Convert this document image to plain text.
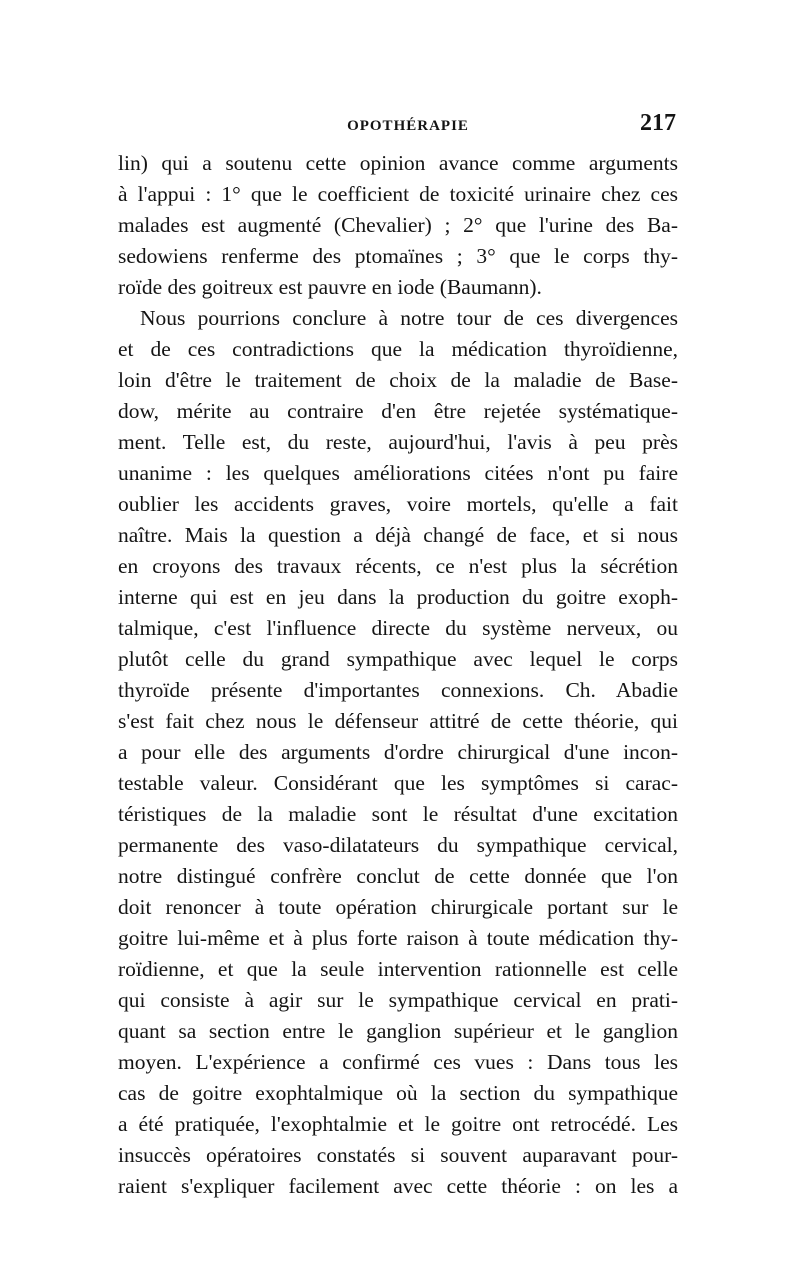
OPOTHÉRAPIE	217
lin) qui a soutenu cette opinion avance comme arguments
à l'appui : 1° que le coefficient de toxicité urinaire chez ces
malades est augmenté (Chevalier) ; 2° que l'urine des Ba-
sedowiens renferme des ptomaïnes ; 3° que le corps thy-
roïde des goitreux est pauvre en iode (Baumann).
Nous pourrions conclure à notre tour de ces divergences
et de ces contradictions que la médication thyroïdienne,
loin d'être le traitement de choix de la maladie de Base-
dow, mérite au contraire d'en être rejetée systématique-
ment. Telle est, du reste, aujourd'hui, l'avis à peu près
unanime : les quelques améliorations citées n'ont pu faire
oublier les accidents graves, voire mortels, qu'elle a fait
naître. Mais la question a déjà changé de face, et si nous
en croyons des travaux récents, ce n'est plus la sécrétion
interne qui est en jeu dans la production du goitre exoph-
talmique, c'est l'influence directe du système nerveux, ou
plutôt celle du grand sympathique avec lequel le corps
thyroïde présente d'importantes connexions. Ch. Abadie
s'est fait chez nous le défenseur attitré de cette théorie, qui
a pour elle des arguments d'ordre chirurgical d'une incon-
testable valeur. Considérant que les symptômes si carac-
téristiques de la maladie sont le résultat d'une excitation
permanente des vaso-dilatateurs du sympathique cervical,
notre distingué confrère conclut de cette donnée que l'on
doit renoncer à toute opération chirurgicale portant sur le
goitre lui-même et à plus forte raison à toute médication thy-
roïdienne, et que la seule intervention rationnelle est celle
qui consiste à agir sur le sympathique cervical en prati-
quant sa section entre le ganglion supérieur et le ganglion
moyen. L'expérience a confirmé ces vues : Dans tous les
cas de goitre exophtalmique où la section du sympathique
a été pratiquée, l'exophtalmie et le goitre ont retrocédé. Les
insuccès opératoires constatés si souvent auparavant pour-
raient s'expliquer facilement avec cette théorie : on les a
